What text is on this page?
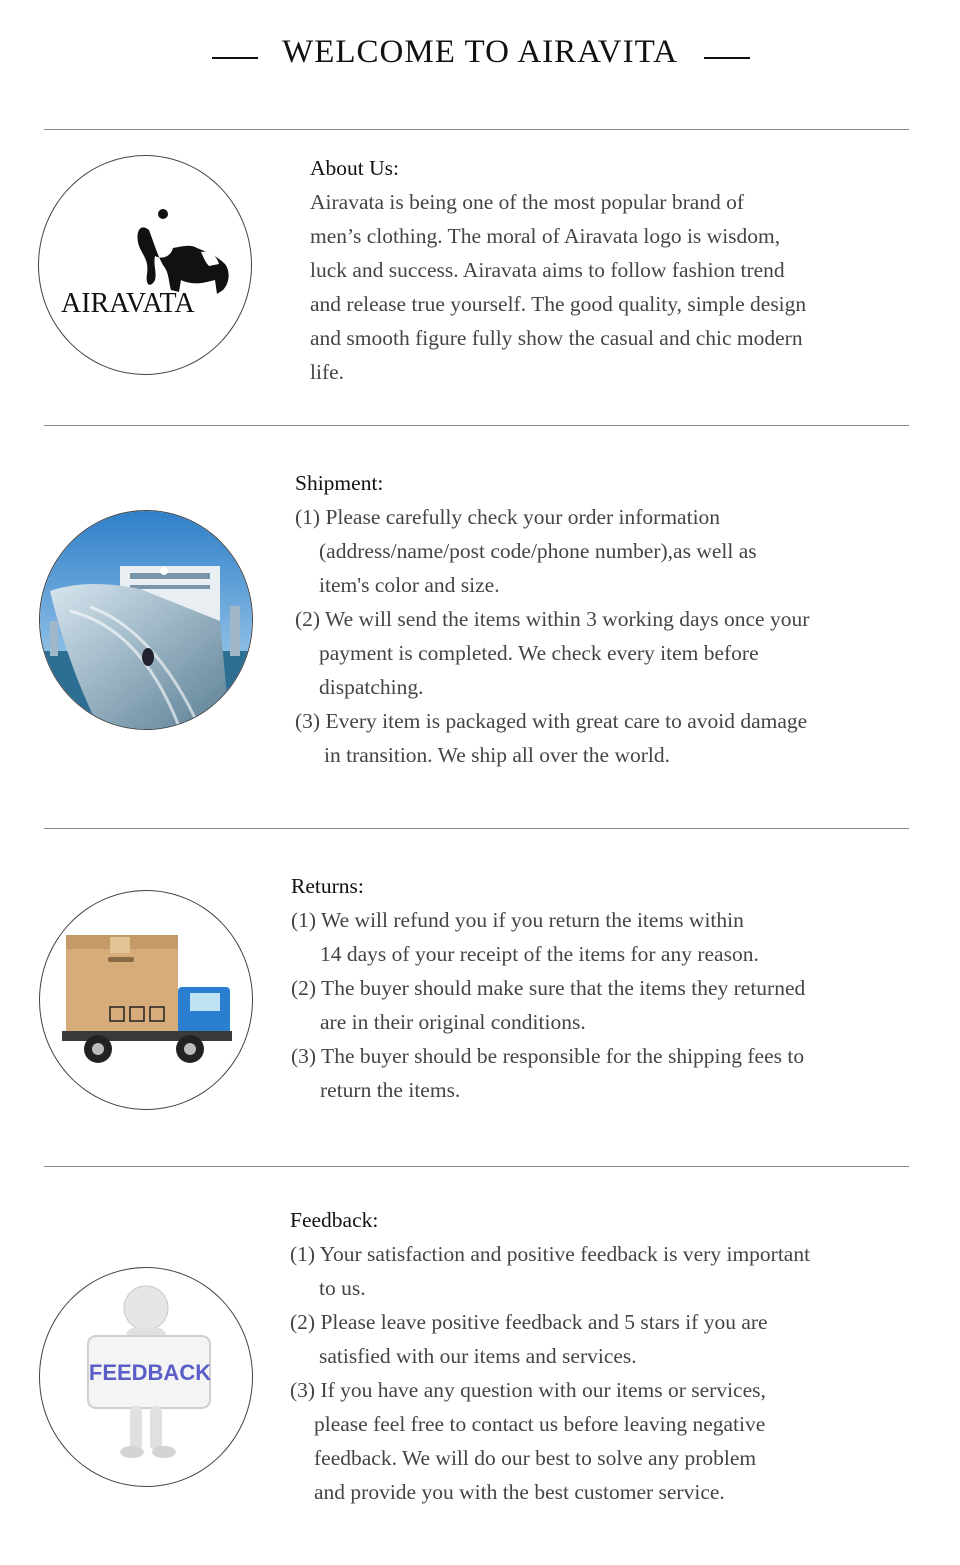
WELCOME TO AIRAVITA
AIRAVATA
About Us:
Airavata is being one of the most popular brand of
men’s clothing. The moral of Airavata logo is wisdom,
luck and success. Airavata aims to follow fashion trend
and release true yourself. The good quality, simple design
and smooth figure fully show the casual and chic modern
life.
Shipment:
(1) Please carefully check your order information
(address/name/post code/phone number),as well as
item's color and size.
(2) We will send the items within 3 working days once your
payment is completed. We check every item before
dispatching.
(3) Every item is packaged with great care to avoid damage
in transition. We ship all over the world.
Returns:
(1) We will refund you if you return the items within
14 days of your receipt of the items for any reason.
(2) The buyer should make sure that the items they returned
are in their original conditions.
(3) The buyer should be responsible for the shipping fees to
return the items.
FEEDBACK
Feedback:
(1) Your satisfaction and positive feedback is very important
to us.
(2) Please leave positive feedback and 5 stars if you are
satisfied with our items and services.
(3) If you have any question with our items or services,
please feel free to contact us before leaving negative
feedback. We will do our best to solve any problem
and provide you with the best customer service.
